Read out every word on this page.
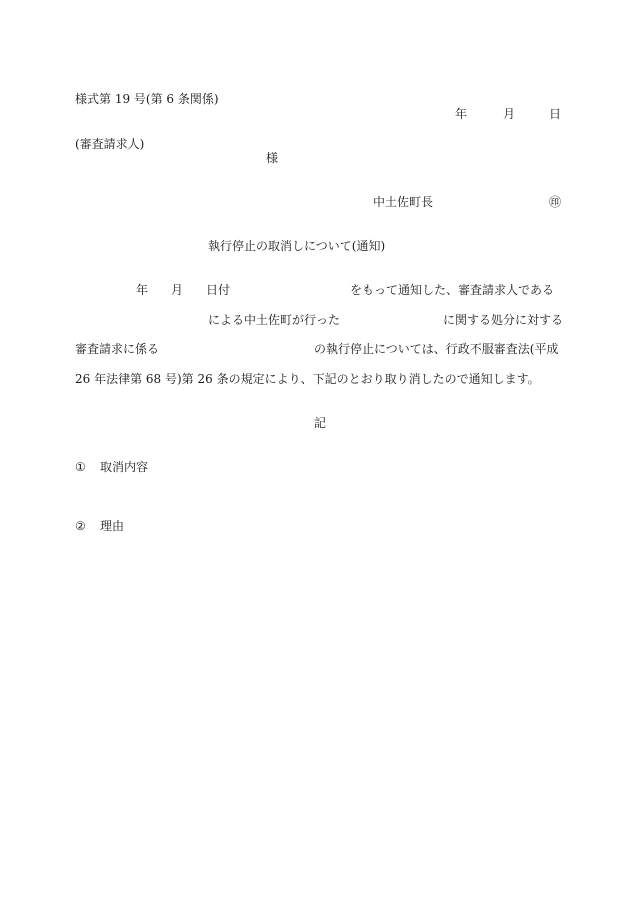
様式第 19 号(第 6 条関係)
年	月	日
(審査請求人)
様
中土佐町長	㊞
執行停止の取消しについて(通知)
年 月 日付	をもって通知した、審査請求人である
による中土佐町が行った	に関する処分に対する
審査請求に係る	の執行停止については、行政不服審査法(平成
26 年法律第 68 号)第 26 条の規定により、下記のとおり取り消したので通知します。
記
① 取消内容
② 理由
